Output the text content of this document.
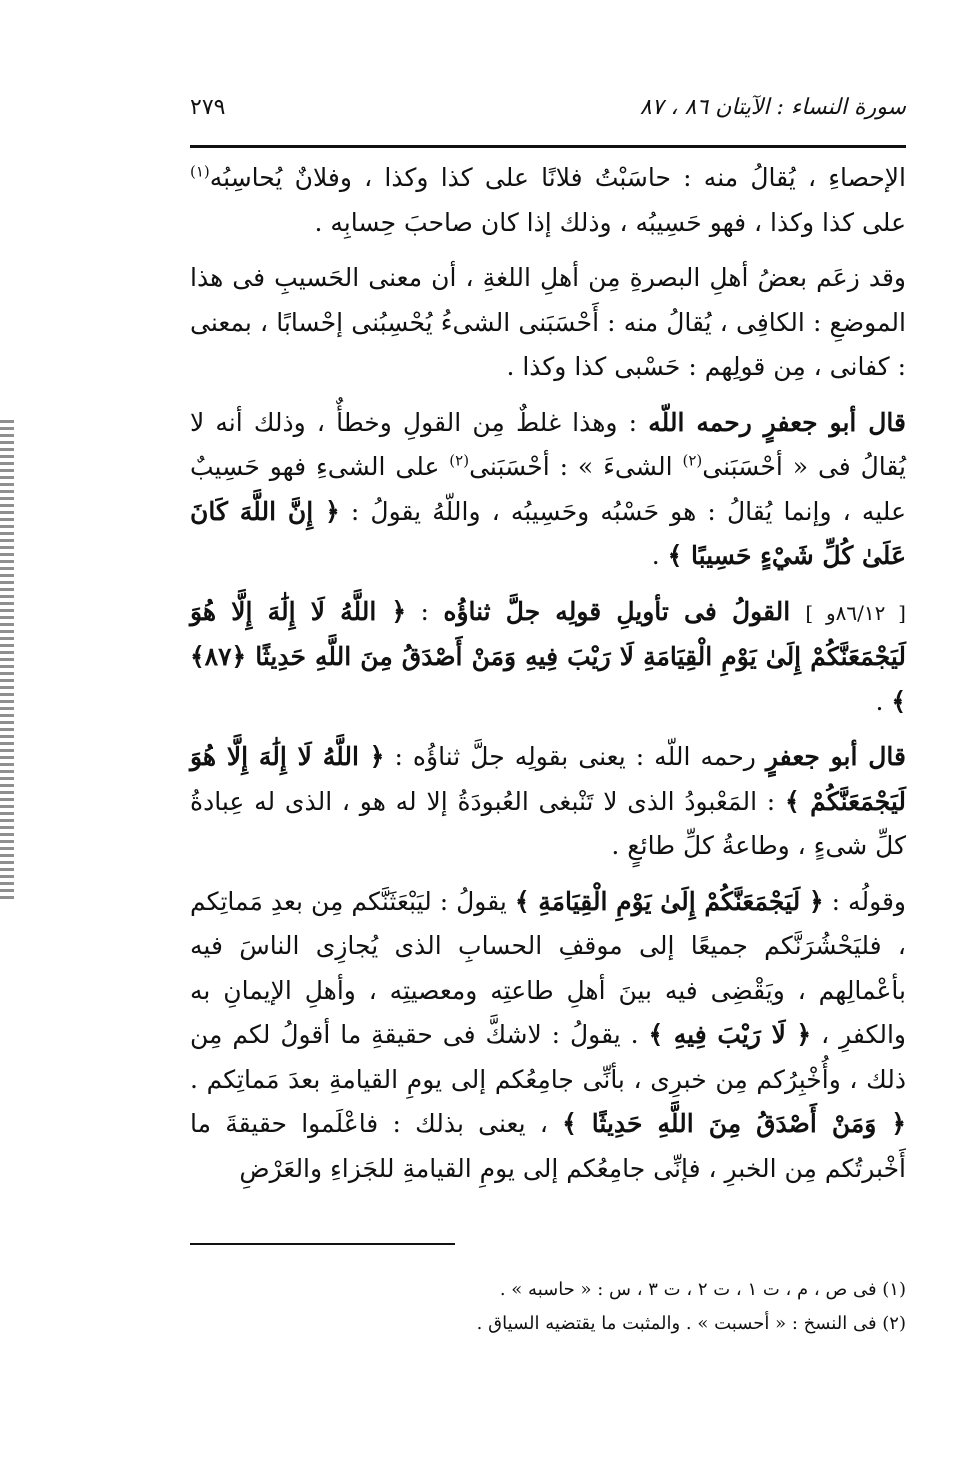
سورة النساء : الآيتان ٨٦ ، ٨٧
٢٧٩

الإحصاءِ ، يُقالُ منه : حاسَبْتُ فلانًا على كذا وكذا ، وفلانٌ يُحاسِبُه$^{(١)}$ على كذا وكذا ، فهو حَسِيبُه ، وذلك إذا كان صاحبَ حِسابِه .

وقد زعَم بعضُ أهلِ البصرةِ مِن أهلِ اللغةِ ، أن معنى الحَسيبِ فى هذا الموضعِ : الكافِى ، يُقالُ منه : أَحْسَبَنى الشىءُ يُحْسِبُنى إحْسابًا ، بمعنى : كفانى ، مِن قولِهم : حَسْبى كذا وكذا .

قال أبو جعفرٍ رحمه اللّه : وهذا غلطٌ مِن القولِ وخطأٌ ، وذلك أنه لا يُقالُ فى « أحْسَبَنى$^{(٢)}$ الشىءَ » : أحْسَبَنى$^{(٢)}$ على الشىءِ فهو حَسِيبٌ عليه ، وإنما يُقالُ : هو حَسْبُه وحَسِيبُه ، واللّهُ يقولُ : ﴿ إِنَّ اللَّهَ كَانَ عَلَىٰ كُلِّ شَيْءٍ حَسِيبًا ﴾ .

[ ٨٦/١٢و ] القولُ فى تأويلِ قولِه جلَّ ثناؤُه : ﴿ اللَّهُ لَا إِلَٰهَ إِلَّا هُوَ لَيَجْمَعَنَّكُمْ إِلَىٰ يَوْمِ الْقِيَامَةِ لَا رَيْبَ فِيهِ وَمَنْ أَصْدَقُ مِنَ اللَّهِ حَدِيثًا ﴿٨٧﴾ ﴾ .

قال أبو جعفرٍ رحمه اللّه : يعنى بقولِه جلَّ ثناؤُه : ﴿ اللَّهُ لَا إِلَٰهَ إِلَّا هُوَ لَيَجْمَعَنَّكُمْ ﴾ : المَعْبودُ الذى لا تَنْبغى العُبودَةُ إلا له هو ، الذى له عِبادةُ كلِّ شىءٍ ، وطاعةُ كلِّ طائعٍ .

وقولُه : ﴿ لَيَجْمَعَنَّكُمْ إِلَىٰ يَوْمِ الْقِيَامَةِ ﴾ يقولُ : ليَبْعَثَنَّكم مِن بعدِ مَماتِكم ، فليَحْشُرَنَّكم جميعًا إلى موقفِ الحسابِ الذى يُجازِى الناسَ فيه بأعْمالِهم ، ويَقْضِى فيه بينَ أهلِ طاعتِه ومعصيتِه ، وأهلِ الإيمانِ به والكفرِ ، ﴿ لَا رَيْبَ فِيهِ ﴾ . يقولُ : لاشكَّ فى حقيقةِ ما أقولُ لكم مِن ذلك ، وأُخْبِرُكم مِن خبرِى ، بأنِّى جامِعُكم إلى يومِ القيامةِ بعدَ مَماتِكم . ﴿ وَمَنْ أَصْدَقُ مِنَ اللَّهِ حَدِيثًا ﴾ ، يعنى بذلك : فاعْلَموا حقيقةَ ما أَخْبرتُكم مِن الخبرِ ، فإنِّى جامِعُكم إلى يومِ القيامةِ للجَزاءِ والعَرْضِ

(١) فى ص ، م ، ت ١ ، ت ٢ ، ت ٣ ، س : « حاسبه » .
(٢) فى النسخ : « أحسبت » . والمثبت ما يقتضيه السياق .
